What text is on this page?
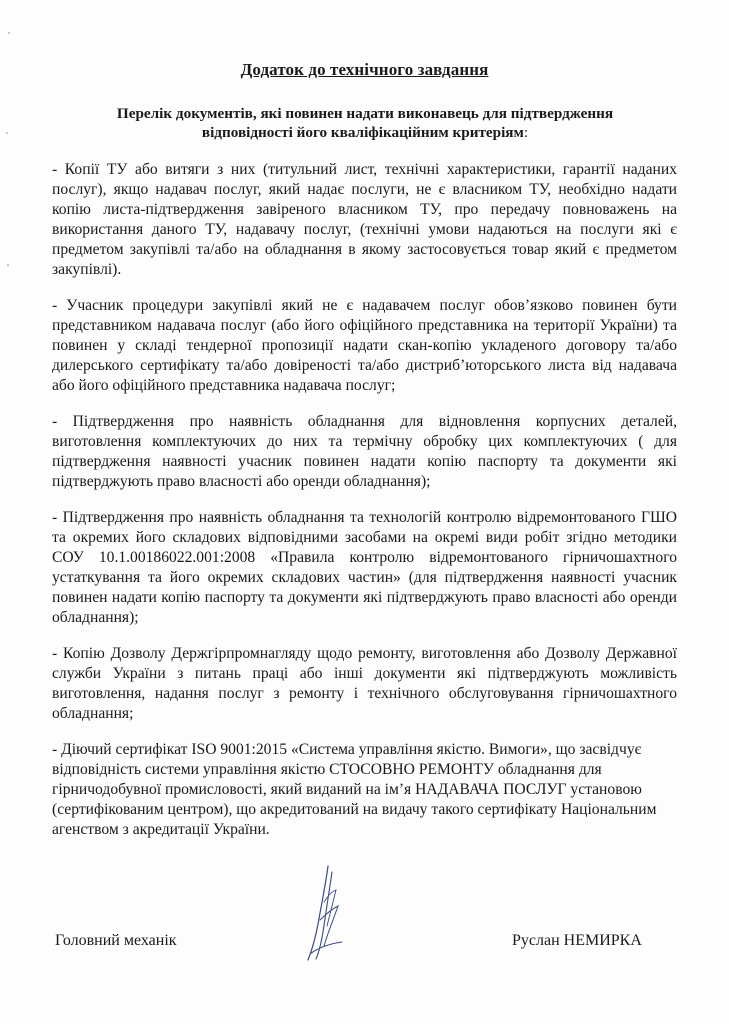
Додаток до технічного завдання
Перелік документів, які повинен надати виконавець для підтвердження відповідності його кваліфікаційним критеріям:

- Копії ТУ або витяги з них (титульний лист, технічні характеристики, гарантії наданих послуг), якщо надавач послуг, який надає послуги, не є власником ТУ, необхідно надати копію листа-підтвердження завіреного власником ТУ, про передачу повноважень на використання даного ТУ, надавачу послуг, (технічні умови надаються на послуги які є предметом закупівлі та/або на обладнання в якому застосовується товар який є предметом закупівлі).

- Учасник процедури закупівлі який не є надавачем послуг обов’язково повинен бути представником надавача послуг (або його офіційного представника на території України) та повинен у складі тендерної пропозиції надати скан-копію укладеного договору та/або дилерського сертифікату та/або довіреності та/або дистриб’юторського листа від надавача або його офіційного представника надавача послуг;

- Підтвердження про наявність обладнання для відновлення корпусних деталей, виготовлення комплектуючих до них та термічну обробку цих комплектуючих ( для підтвердження наявності учасник повинен надати копію паспорту та документи які підтверджують право власності або оренди обладнання);

- Підтвердження про наявність обладнання та технологій контролю відремонтованого ГШО та окремих його складових відповідними засобами на окремі види робіт згідно методики СОУ 10.1.00186022.001:2008 «Правила контролю відремонтованого гірничошахтного устаткування та його окремих складових частин» (для підтвердження наявності учасник повинен надати копію паспорту та документи які підтверджують право власності або оренди обладнання);

- Копію Дозволу Держгірпромнагляду щодо ремонту, виготовлення або Дозволу Державної служби України з питань праці або інші документи які підтверджують можливість виготовлення, надання послуг з ремонту і технічного обслуговування гірничошахтного обладнання;

- Діючий сертифікат ISO 9001:2015 «Система управління якістю. Вимоги», що засвідчує відповідність системи управління якістю СТОСОВНО РЕМОНТУ обладнання для гірничодобувної промисловості, який виданий на ім’я НАДАВАЧА ПОСЛУГ установою (сертифікованим центром), що акредитований на видачу такого сертифікату Національним агенством з акредитації України.

Головний механік	Руслан НЕМИРКА
